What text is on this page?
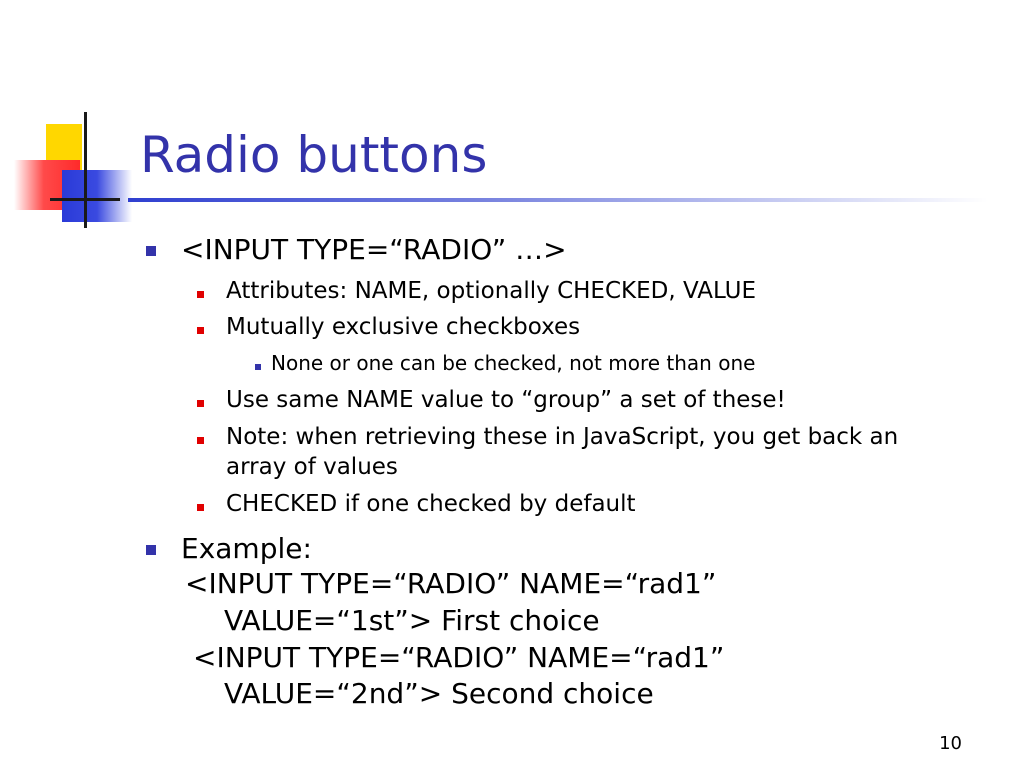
Radio buttons
<INPUT TYPE=“RADIO” …>
Attributes: NAME, optionally CHECKED, VALUE
Mutually exclusive checkboxes
None or one can be checked, not more than one
Use same NAME value to “group” a set of these!
Note: when retrieving these in JavaScript, you get back an
array of values
CHECKED if one checked by default
Example:
<INPUT TYPE=“RADIO” NAME=“rad1”
VALUE=“1st”> First choice
<INPUT TYPE=“RADIO” NAME=“rad1”
VALUE=“2nd”> Second choice
10
